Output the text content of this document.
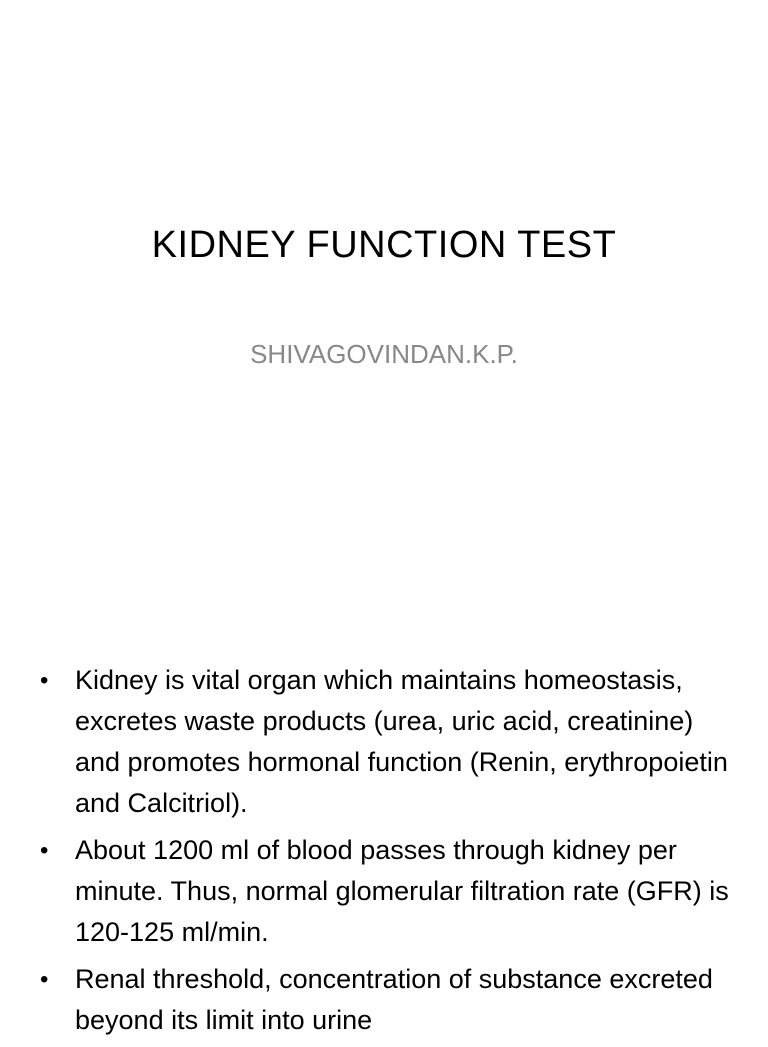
KIDNEY FUNCTION TEST
SHIVAGOVINDAN.K.P.
• Kidney is vital organ which maintains homeostasis, excretes waste products (urea, uric acid, creatinine) and promotes hormonal function (Renin, erythropoietin and Calcitriol).
• About 1200 ml of blood passes through kidney per minute. Thus, normal glomerular filtration rate (GFR) is 120-125 ml/min.
• Renal threshold, concentration of substance excreted beyond its limit into urine
